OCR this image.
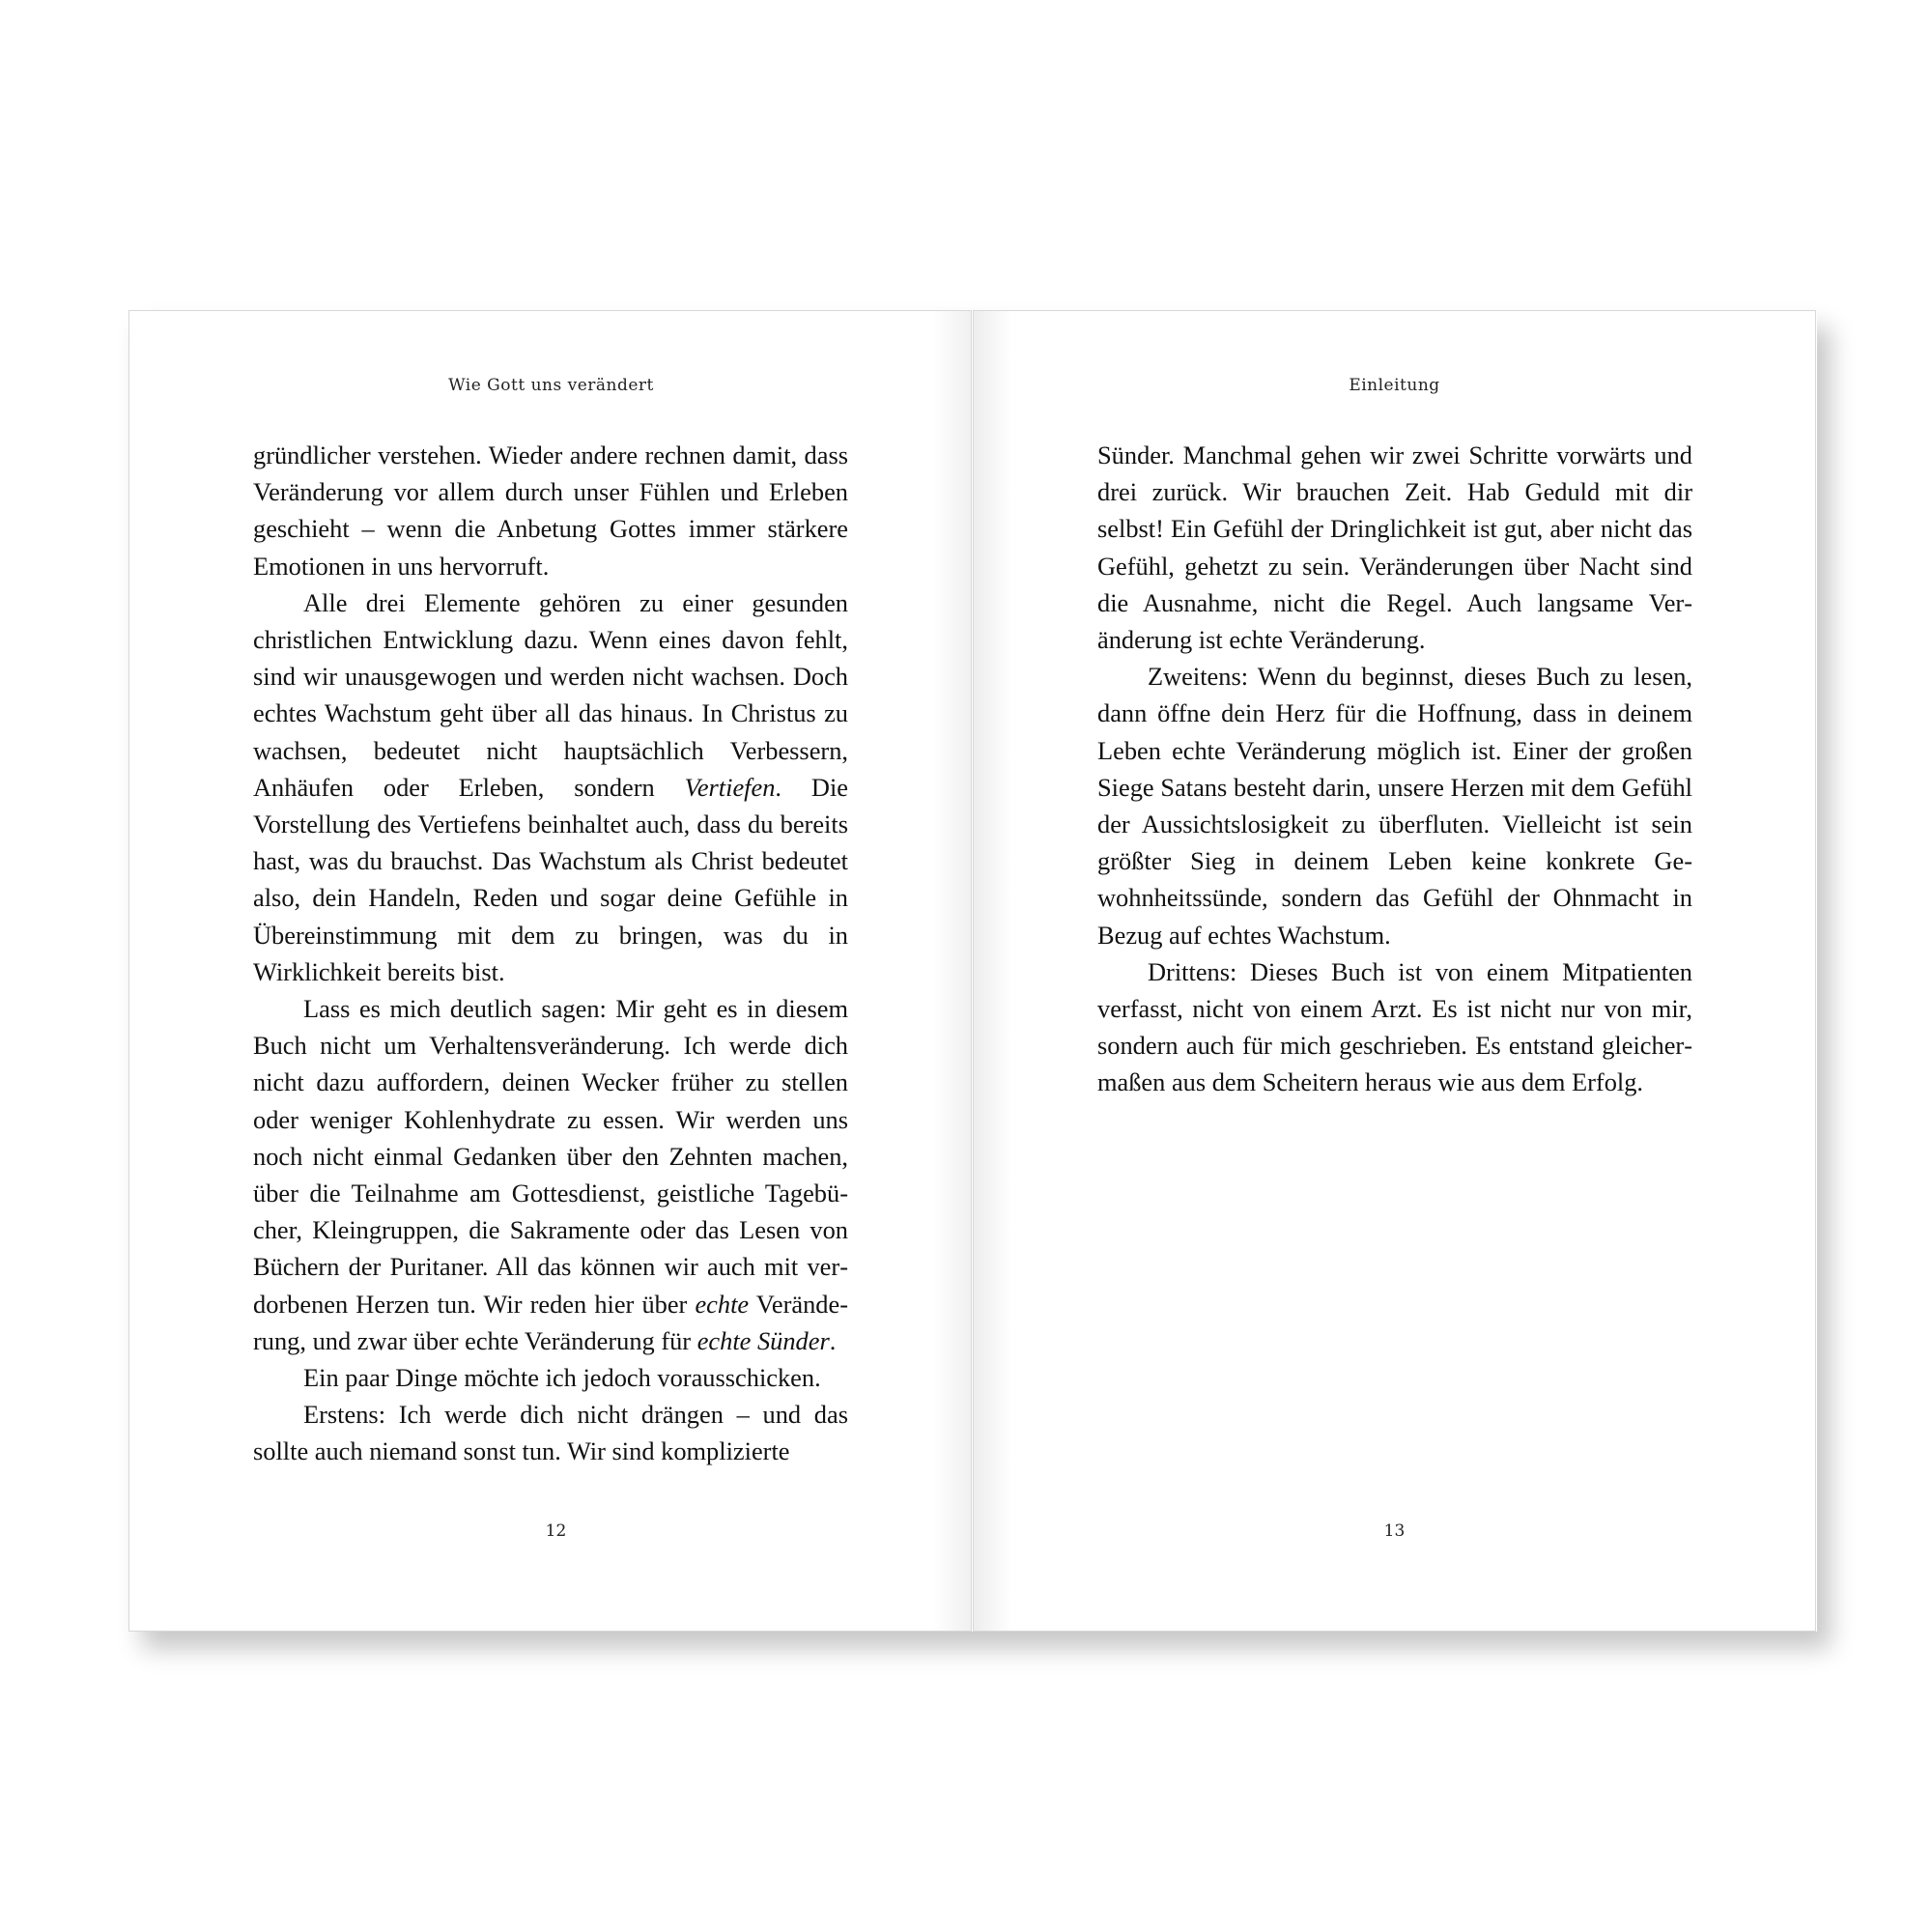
Wie Gott uns verändert

gründlicher verstehen. Wieder andere rechnen damit, dass Veränderung vor allem durch unser Fühlen und Erleben geschieht – wenn die Anbetung Gottes immer stärkere Emotionen in uns hervorruft.

Alle drei Elemente gehören zu einer gesunden christlichen Entwicklung dazu. Wenn eines davon fehlt, sind wir unausgewogen und werden nicht wachsen. Doch echtes Wachstum geht über all das hinaus. In Christus zu wachsen, bedeutet nicht hauptsächlich Verbessern, Anhäufen oder Erleben, sondern Vertiefen. Die Vorstellung des Vertiefens beinhaltet auch, dass du bereits hast, was du brauchst. Das Wachstum als Christ bedeutet also, dein Handeln, Reden und sogar deine Gefühle in Übereinstimmung mit dem zu bringen, was du in Wirklichkeit bereits bist.

Lass es mich deutlich sagen: Mir geht es in diesem Buch nicht um Verhaltensveränderung. Ich werde dich nicht dazu auffordern, deinen Wecker früher zu stellen oder weniger Kohlenhydrate zu essen. Wir werden uns noch nicht einmal Gedanken über den Zehnten machen, über die Teilnahme am Gottesdienst, geistliche Tagebücher, Kleingruppen, die Sakramente oder das Lesen von Büchern der Puritaner. All das können wir auch mit verdorbenen Herzen tun. Wir reden hier über echte Veränderung, und zwar über echte Veränderung für echte Sünder.

Ein paar Dinge möchte ich jedoch vorausschicken.

Erstens: Ich werde dich nicht drängen – und das sollte auch niemand sonst tun. Wir sind komplizierte

12
Einleitung

Sünder. Manchmal gehen wir zwei Schritte vorwärts und drei zurück. Wir brauchen Zeit. Hab Geduld mit dir selbst! Ein Gefühl der Dringlichkeit ist gut, aber nicht das Gefühl, gehetzt zu sein. Veränderungen über Nacht sind die Ausnahme, nicht die Regel. Auch langsame Veränderung ist echte Veränderung.

Zweitens: Wenn du beginnst, dieses Buch zu lesen, dann öffne dein Herz für die Hoffnung, dass in deinem Leben echte Veränderung möglich ist. Einer der großen Siege Satans besteht darin, unsere Herzen mit dem Gefühl der Aussichtslosigkeit zu überfluten. Vielleicht ist sein größter Sieg in deinem Leben keine konkrete Gewohnheitssünde, sondern das Gefühl der Ohnmacht in Bezug auf echtes Wachstum.

Drittens: Dieses Buch ist von einem Mitpatienten verfasst, nicht von einem Arzt. Es ist nicht nur von mir, sondern auch für mich geschrieben. Es entstand gleichermaßen aus dem Scheitern heraus wie aus dem Erfolg.

13
